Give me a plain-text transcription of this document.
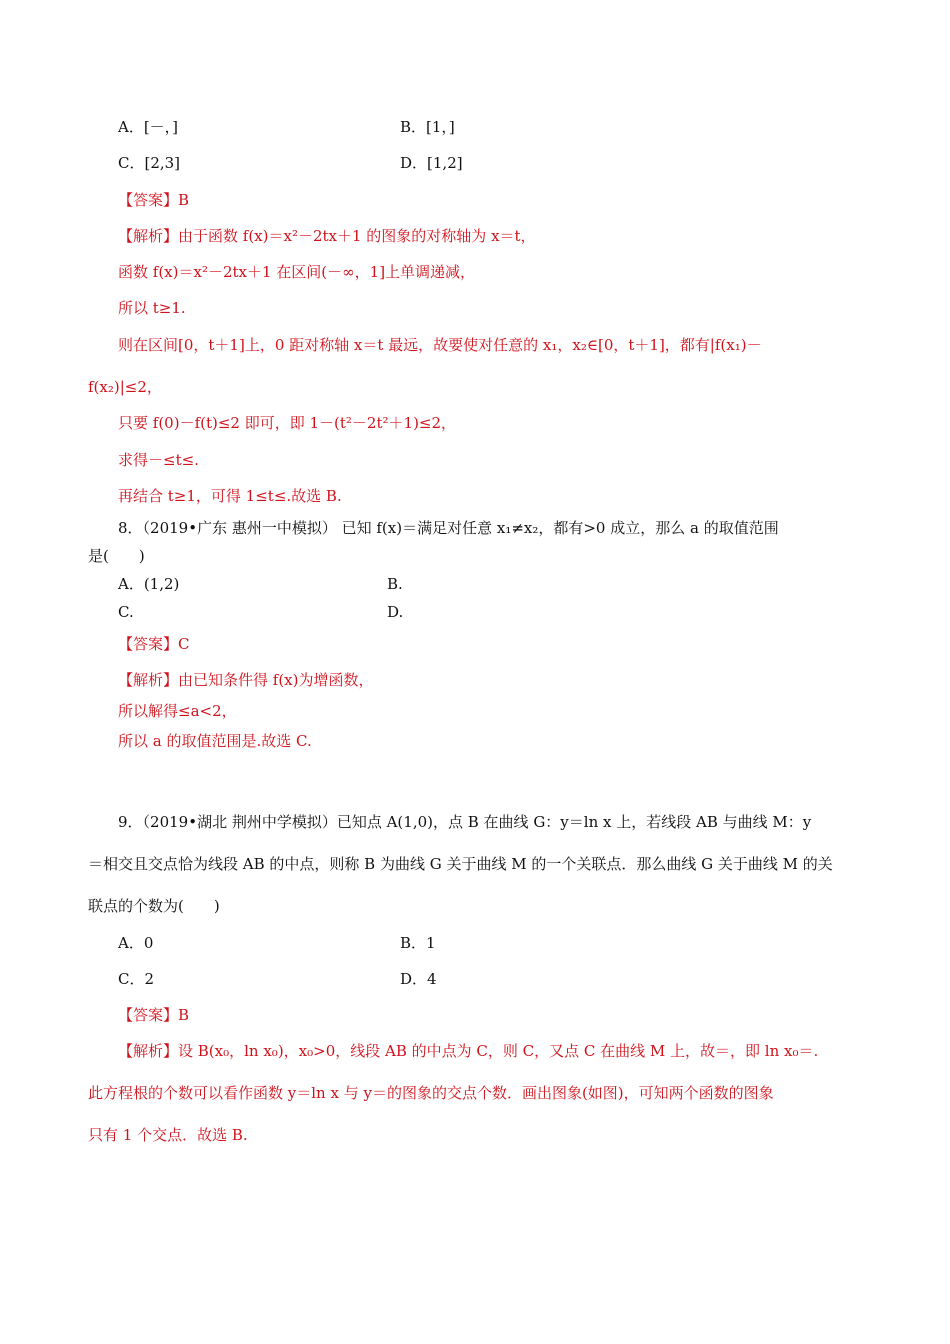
A．[－，]	B．[1，]
C．[2,3]	D．[1,2]
【答案】B
【解析】由于函数 f(x)＝x²－2tx＋1 的图象的对称轴为 x＝t，
函数 f(x)＝x²－2tx＋1 在区间(－∞，1]上单调递减，
所以 t≥1.
则在区间[0，t＋1]上，0 距对称轴 x＝t 最远，故要使对任意的 x₁，x₂∈[0，t＋1]，都有|f(x₁)－
f(x₂)|≤2，
只要 f(0)－f(t)≤2 即可，即 1－(t²－2t²＋1)≤2，
求得－≤t≤.
再结合 t≥1，可得 1≤t≤.故选 B.
8．（2019•广东 惠州一中模拟） 已知 f(x)＝满足对任意 x₁≠x₂，都有>0 成立，那么 a 的取值范围
是(　　)
A．(1,2)	B.
C.	D.
【答案】C
【解析】由已知条件得 f(x)为增函数，
所以解得≤a<2，
所以 a 的取值范围是.故选 C.
9．（2019•湖北 荆州中学模拟）已知点 A(1,0)，点 B 在曲线 G：y＝ln x 上，若线段 AB 与曲线 M：y
＝相交且交点恰为线段 AB 的中点，则称 B 为曲线 G 关于曲线 M 的一个关联点．那么曲线 G 关于曲线 M 的关
联点的个数为(　　)
A．0	B．1
C．2	D．4
【答案】B
【解析】设 B(x₀，ln x₀)，x₀>0，线段 AB 的中点为 C，则 C，又点 C 在曲线 M 上，故＝，即 ln x₀＝.
此方程根的个数可以看作函数 y＝ln x 与 y＝的图象的交点个数．画出图象(如图)，可知两个函数的图象
只有 1 个交点．故选 B.
